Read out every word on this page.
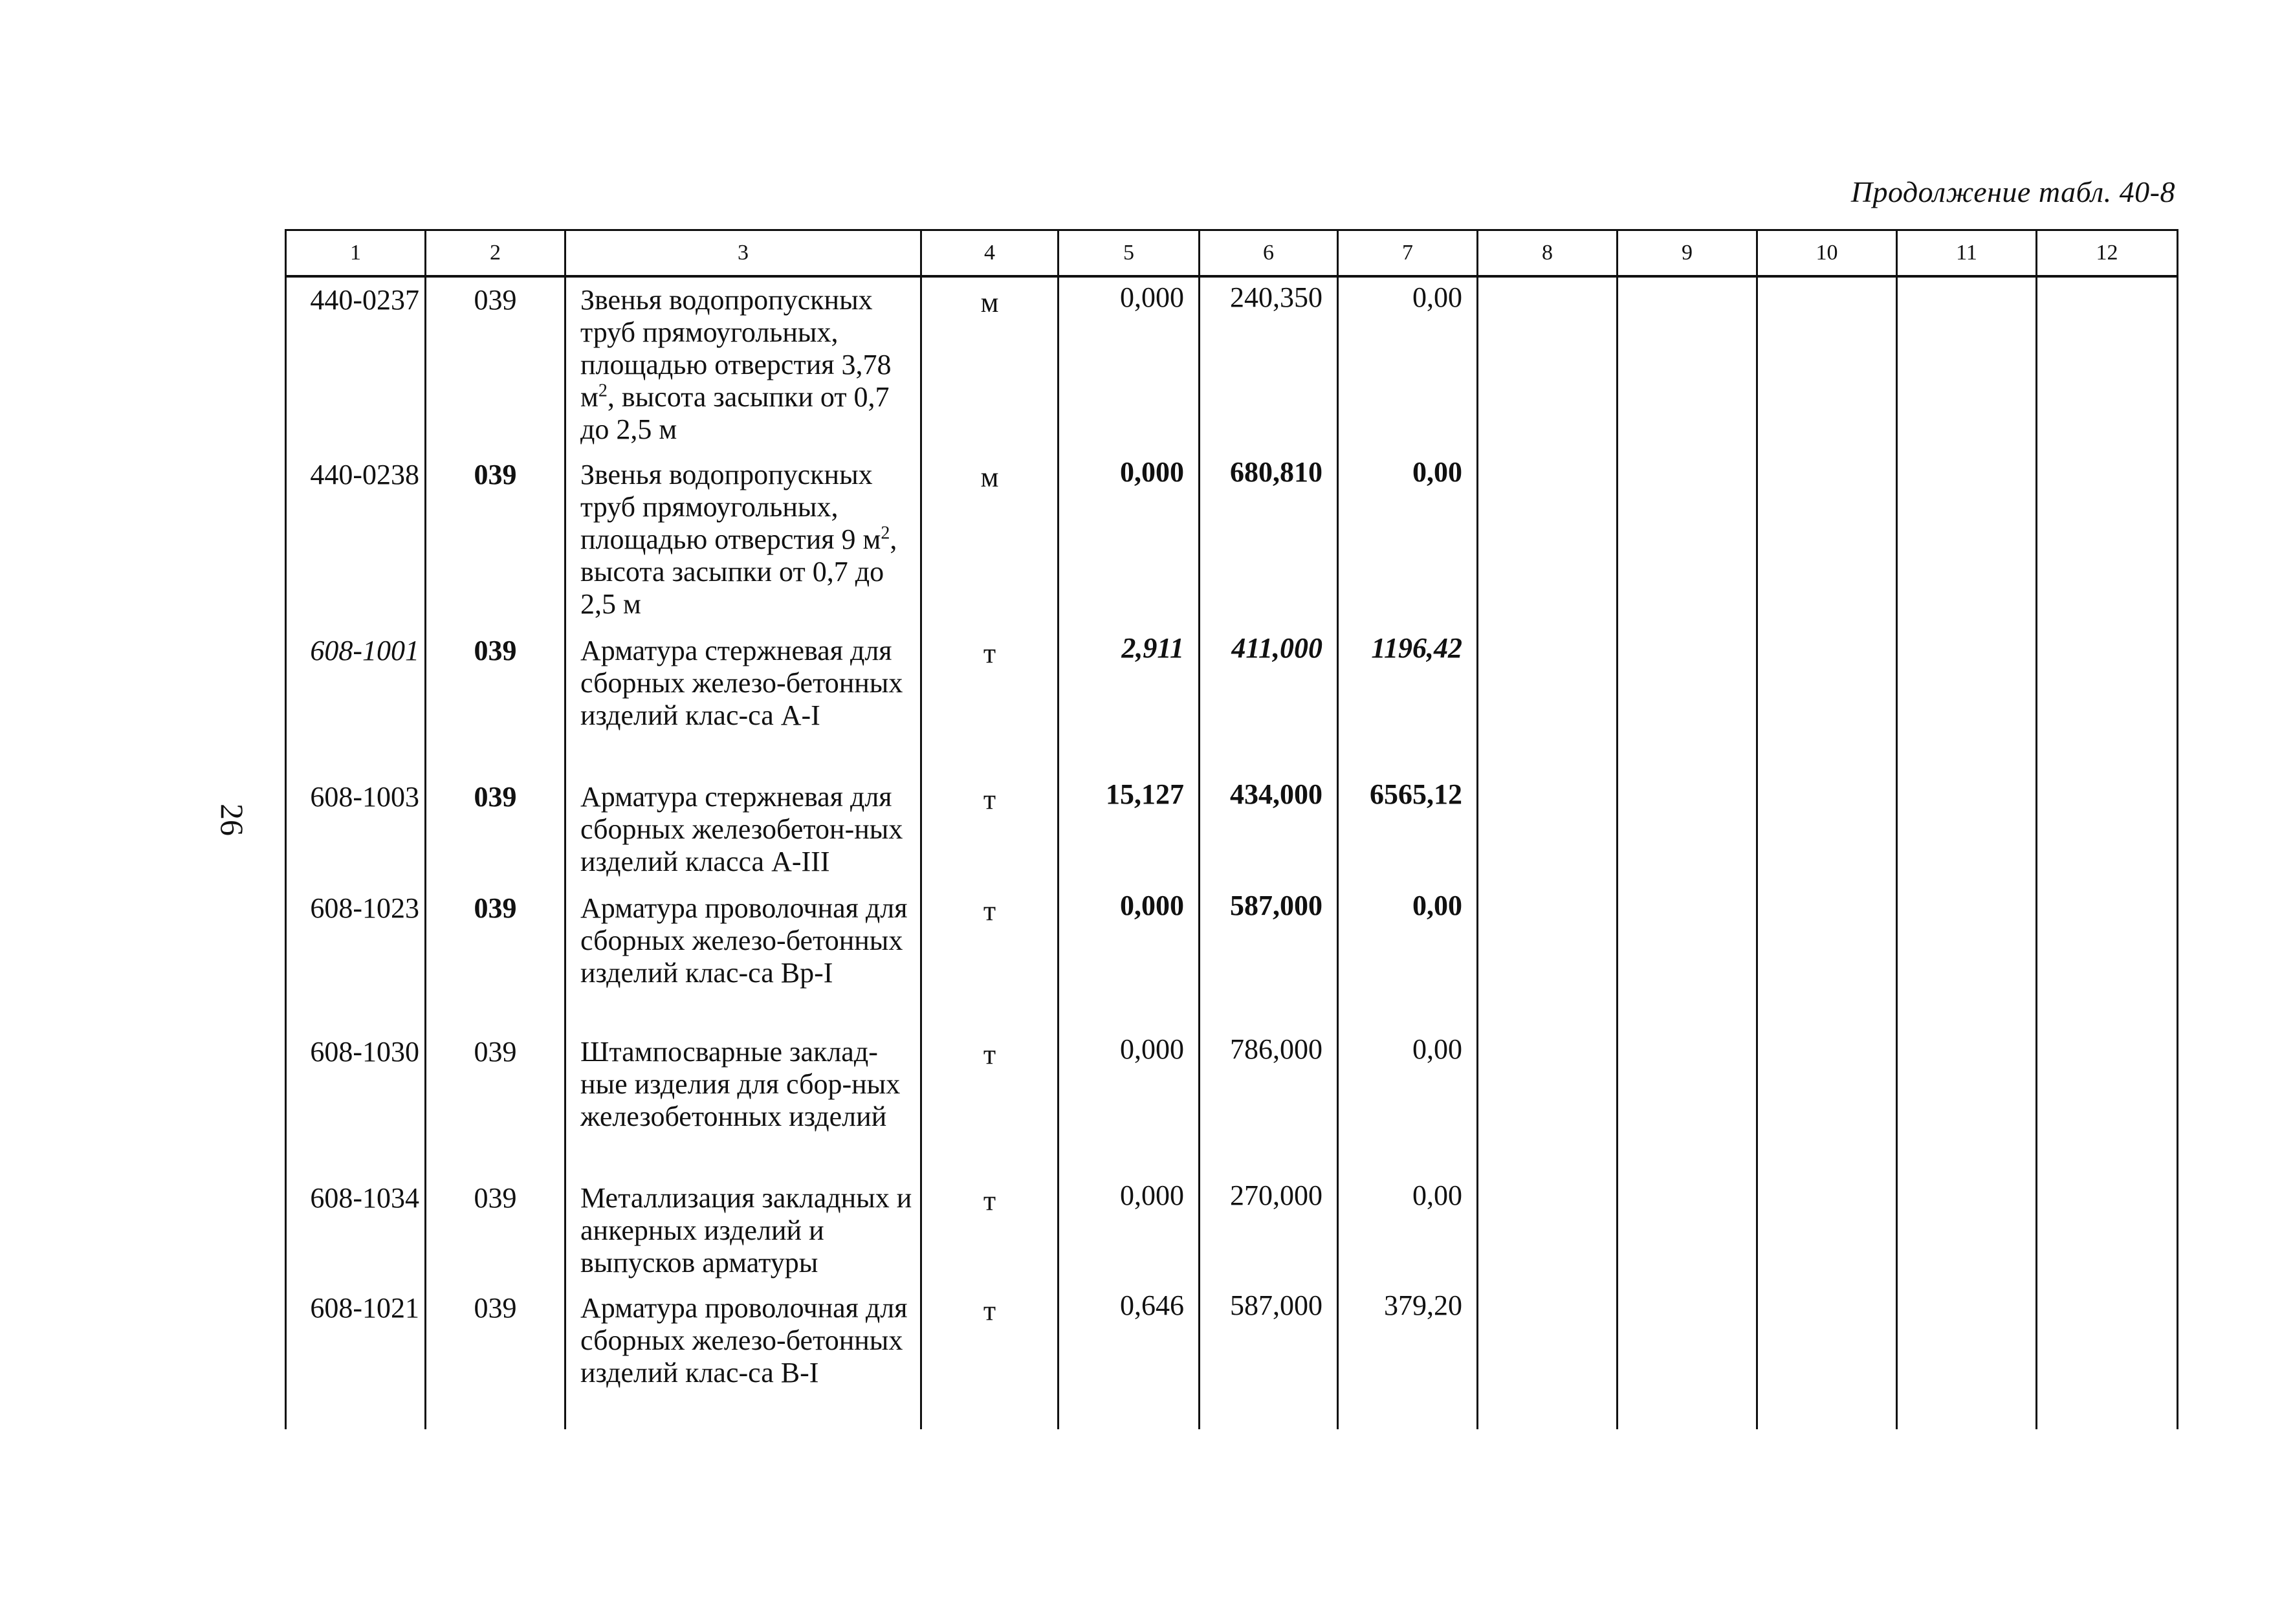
Продолжение табл. 40-8
26
1	2	3	4	5	6	7	8	9	10	11	12
440-0237	039	Звенья водопропускных труб прямоугольных, площадью отверстия 3,78 $м^2$, высота засыпки от 0,7 до 2,5 м	м	0,000	240,350	0,00					
440-0238	039	Звенья водопропускных труб прямоугольных, площадью отверстия 9 $м^2$, высота засыпки от 0,7 до 2,5 м	м	0,000	680,810	0,00					
608-1001	039	Арматура стержневая для сборных железо-бетонных изделий клас-са А-I	т	2,911	411,000	1196,42					
608-1003	039	Арматура стержневая для сборных железобетон-ных изделий класса А-III	т	15,127	434,000	6565,12					
608-1023	039	Арматура проволочная для сборных железо-бетонных изделий клас-са Вр-I	т	0,000	587,000	0,00					
608-1030	039	Штампосварные заклад-ные изделия для сбор-ных железобетонных изделий	т	0,000	786,000	0,00					
608-1034	039	Металлизация закладных и анкерных изделий и выпусков арматуры	т	0,000	270,000	0,00					
608-1021	039	Арматура проволочная для сборных железо-бетонных изделий клас-са В-I	т	0,646	587,000	379,20					
